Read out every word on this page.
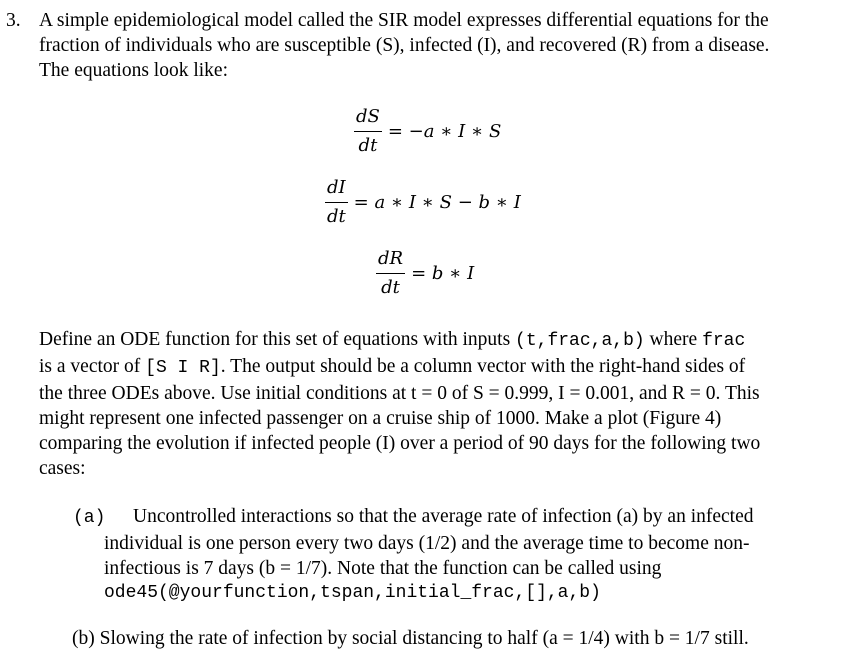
3. A simple epidemiological model called the SIR model expresses differential equations for the
fraction of individuals who are susceptible (S), infected (I), and recovered (R) from a disease.
The equations look like:
$\frac{dS}{dt} = -a$ ∗ I ∗ S
$\frac{dI}{dt} = a$ ∗ I ∗ S − b ∗ I
$\frac{dR}{dt} = b$ ∗ I
Define an ODE function for this set of equations with inputs (t,frac,a,b) where frac
is a vector of [S I R]. The output should be a column vector with the right-hand sides of
the three ODEs above. Use initial conditions at t = 0 of S = 0.999, I = 0.001, and R = 0. This
might represent one infected passenger on a cruise ship of 1000. Make a plot (Figure 4)
comparing the evolution if infected people (I) over a period of 90 days for the following two
cases:
(a) Uncontrolled interactions so that the average rate of infection (a) by an infected
individual is one person every two days (1/2) and the average time to become non-
infectious is 7 days (b = 1/7). Note that the function can be called using
ode45(@yourfunction,tspan,initial_frac,[],a,b)
(b) Slowing the rate of infection by social distancing to half (a = 1/4) with b = 1/7 still.
